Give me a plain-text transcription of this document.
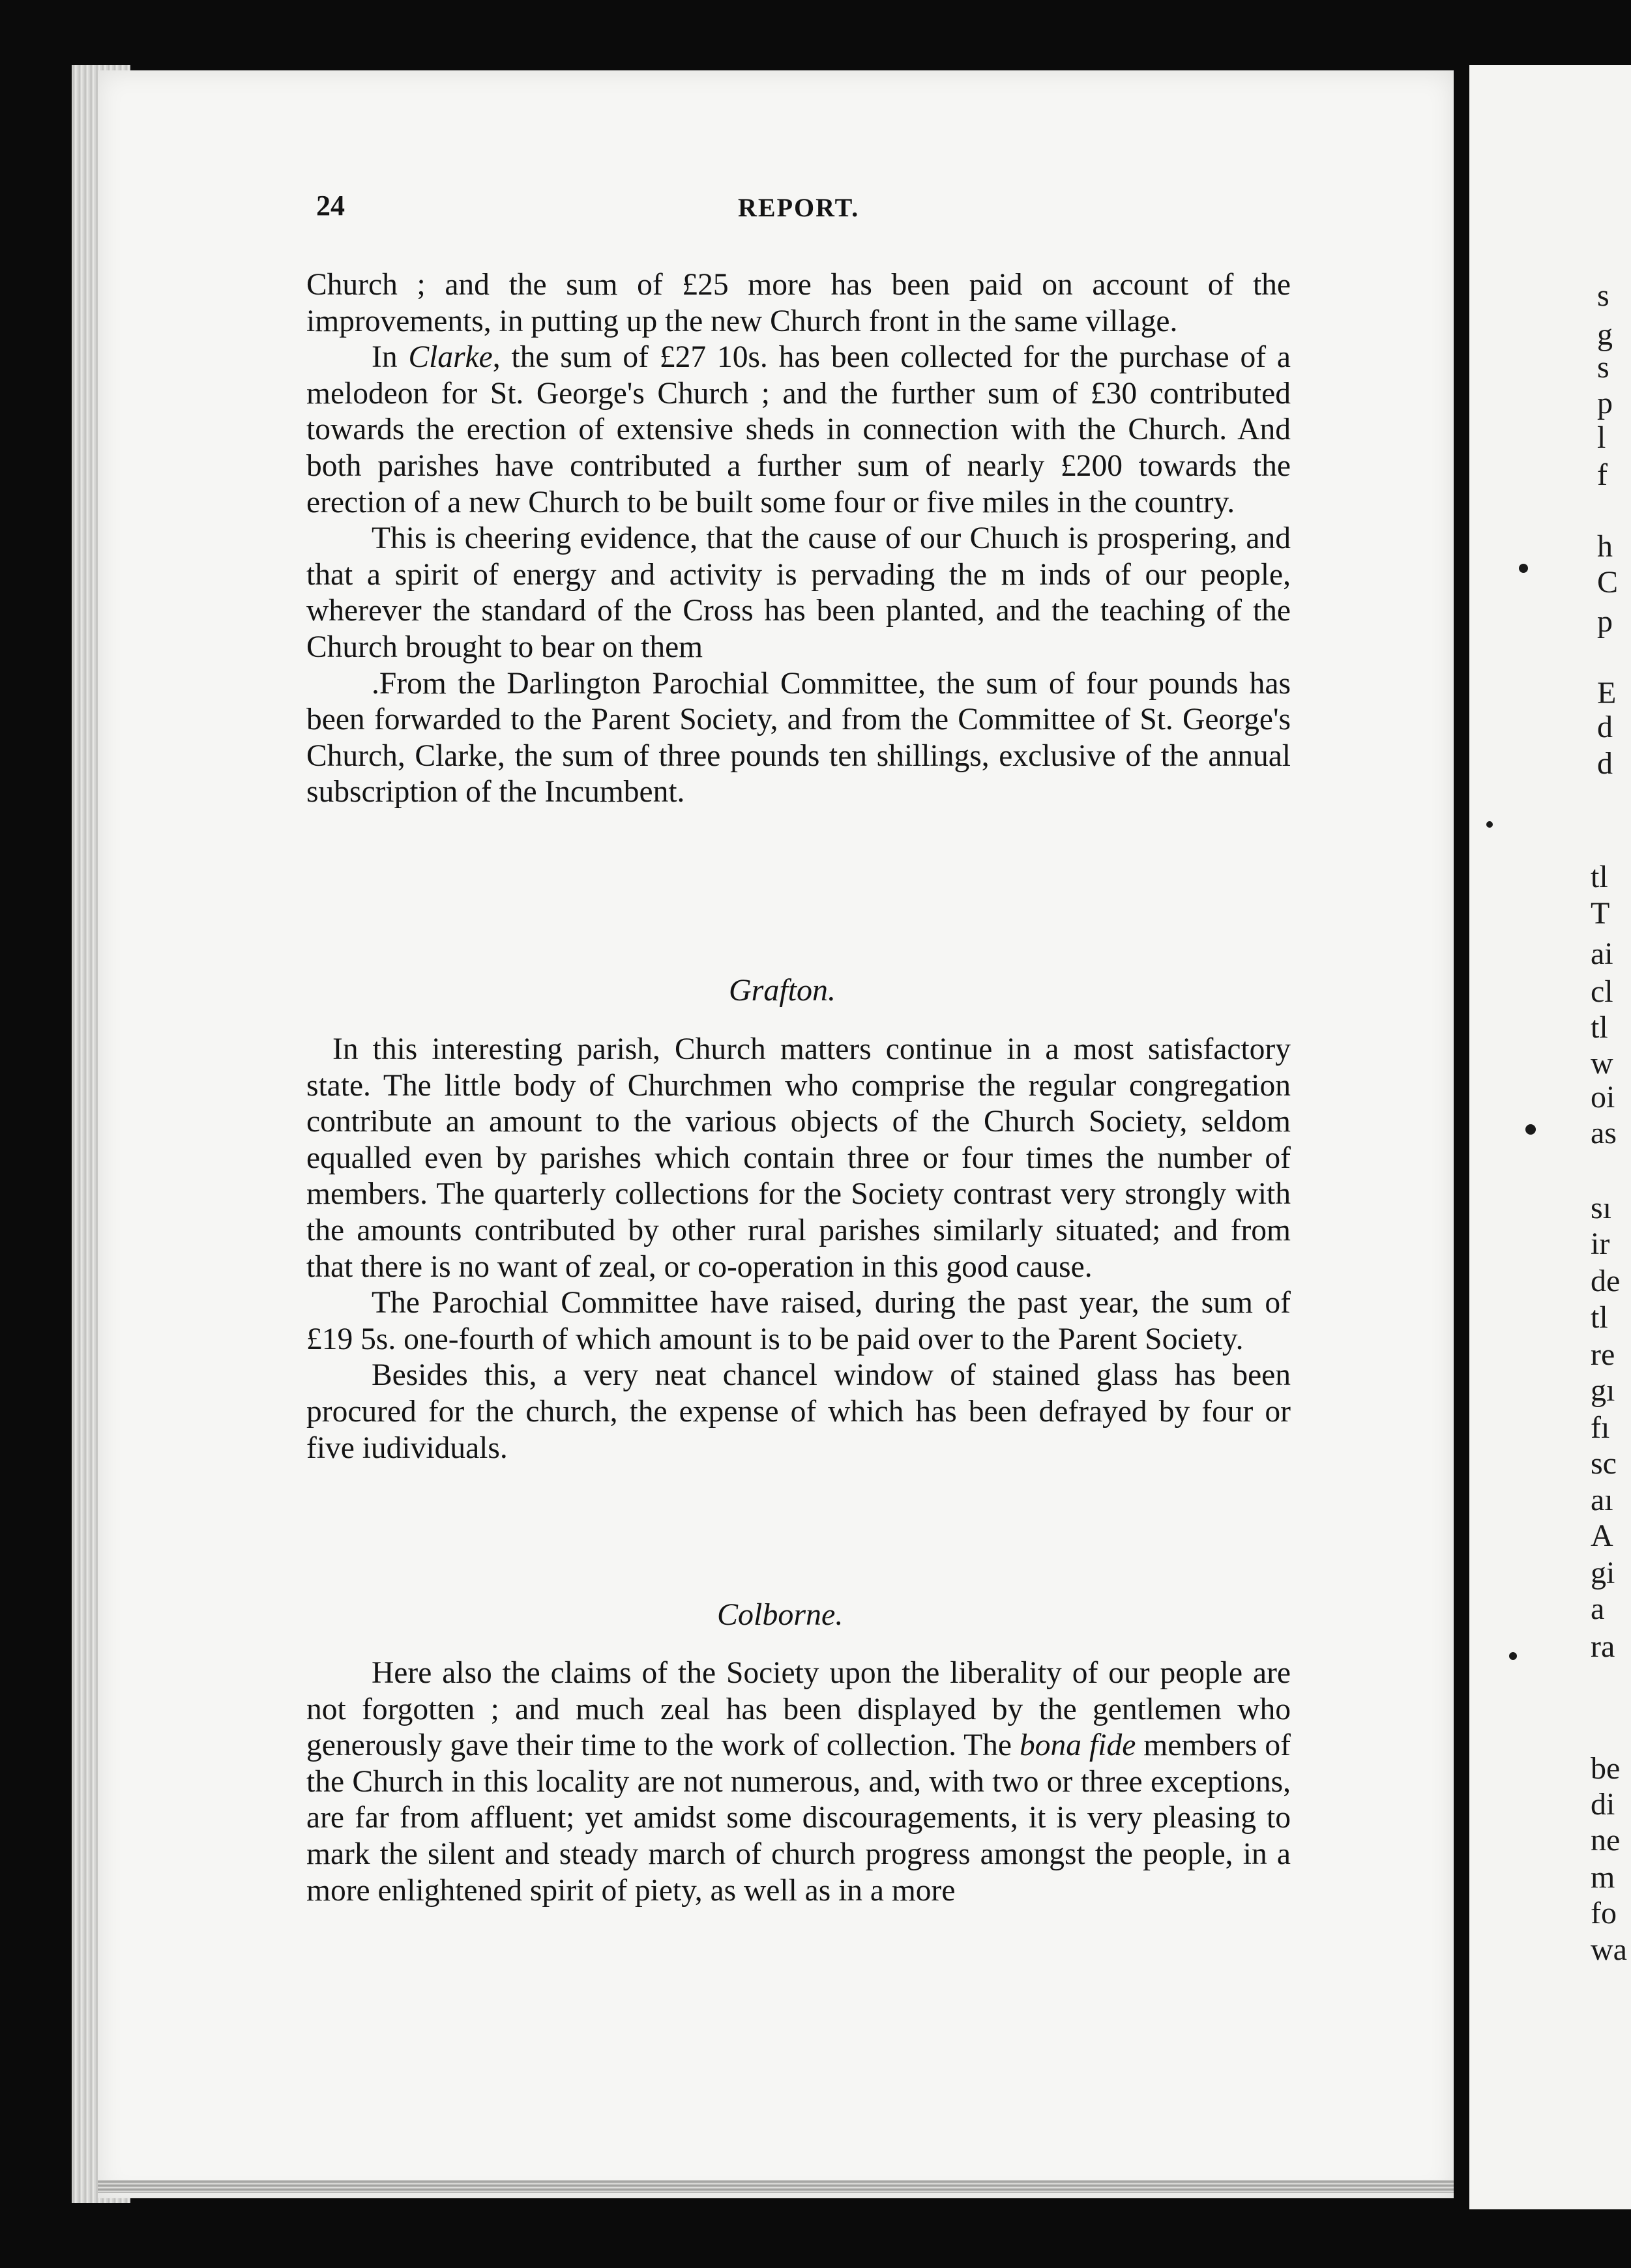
24	REPORT.

Church ; and the sum of £25 more has been paid on account of the improvements, in putting up the new Church front in the same village.

In Clarke, the sum of £27 10s. has been collected for the purchase of a melodeon for St. George's Church ; and the further sum of £30 contributed towards the erection of extensive sheds in connection with the Church. And both parishes have contributed a further sum of nearly £200 towards the erection of a new Church to be built some four or five miles in the country.

This is cheering evidence, that the cause of our Chuıch is prospering, and that a spirit of energy and activity is pervading the m inds of our people, wherever the standard of the Cross has been planted, and the teaching of the Church brought to bear on them

.From the Darlington Parochial Committee, the sum of four pounds has been forwarded to the Parent Society, and from the Committee of St. George's Church, Clarke, the sum of three pounds ten shillings, exclusive of the annual subscription of the Incumbent.

Grafton.

In this interesting parish, Church matters continue in a most satisfactory state. The little body of Churchmen who comprise the regular congregation contribute an amount to the various objects of the Church Society, seldom equalled even by parishes which contain three or four times the number of members. The quarterly collections for the Society contrast very strongly with the amounts contributed by other rural parishes similarly situated; and from that there is no want of zeal, or co-operation in this good cause.

The Parochial Committee have raised, during the past year, the sum of £19 5s. one-fourth of which amount is to be paid over to the Parent Society.

Besides this, a very neat chancel window of stained glass has been procured for the church, the expense of which has been defrayed by four or five iudividuals.

Colborne.

Here also the claims of the Society upon the liberality of our people are not forgotten ; and much zeal has been displayed by the gentlemen who generously gave their time to the work of collection. The bona fide members of the Church in this locality are not numerous, and, with two or three exceptions, are far from affluent; yet amidst some discouragements, it is very pleasing to mark the silent and steady march of church progress amongst the people, in a more enlightened spirit of piety, as well as in a more

s
g
s
p
l
f
h
C
p
E
d
d
tl
T
ai
cl
tl
w
oi
as
sı
ir
de
tl
re
gı
fı
sc
aı
A
gi
a
ra
be
di
ne
m
fo
wa
